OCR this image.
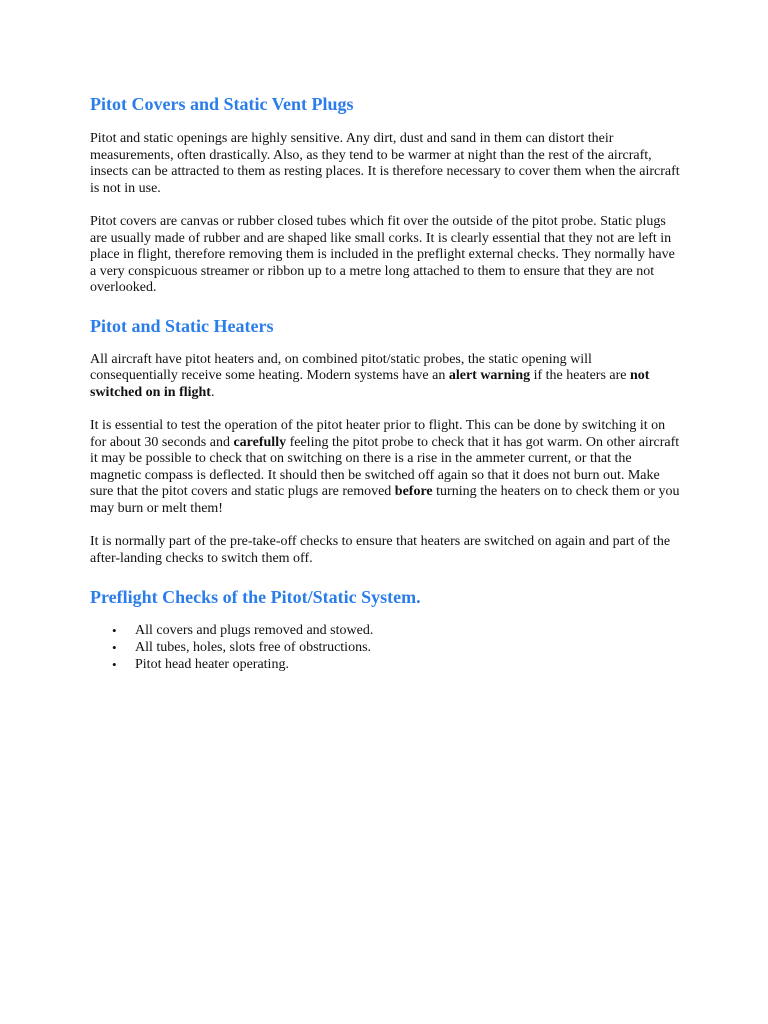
Pitot Covers and Static Vent Plugs

Pitot and static openings are highly sensitive. Any dirt, dust and sand in them can distort their measurements, often drastically. Also, as they tend to be warmer at night than the rest of the aircraft, insects can be attracted to them as resting places. It is therefore necessary to cover them when the aircraft is not in use.

Pitot covers are canvas or rubber closed tubes which fit over the outside of the pitot probe. Static plugs are usually made of rubber and are shaped like small corks. It is clearly essential that they not are left in place in flight, therefore removing them is included in the preflight external checks. They normally have a very conspicuous streamer or ribbon up to a metre long attached to them to ensure that they are not overlooked.

Pitot and Static Heaters

All aircraft have pitot heaters and, on combined pitot/static probes, the static opening will consequentially receive some heating. Modern systems have an alert warning if the heaters are not switched on in flight.

It is essential to test the operation of the pitot heater prior to flight. This can be done by switching it on for about 30 seconds and carefully feeling the pitot probe to check that it has got warm. On other aircraft it may be possible to check that on switching on there is a rise in the ammeter current, or that the magnetic compass is deflected. It should then be switched off again so that it does not burn out. Make sure that the pitot covers and static plugs are removed before turning the heaters on to check them or you may burn or melt them!

It is normally part of the pre-take-off checks to ensure that heaters are switched on again and part of the after-landing checks to switch them off.

Preflight Checks of the Pitot/Static System.
• All covers and plugs removed and stowed.
• All tubes, holes, slots free of obstructions.
• Pitot head heater operating.
